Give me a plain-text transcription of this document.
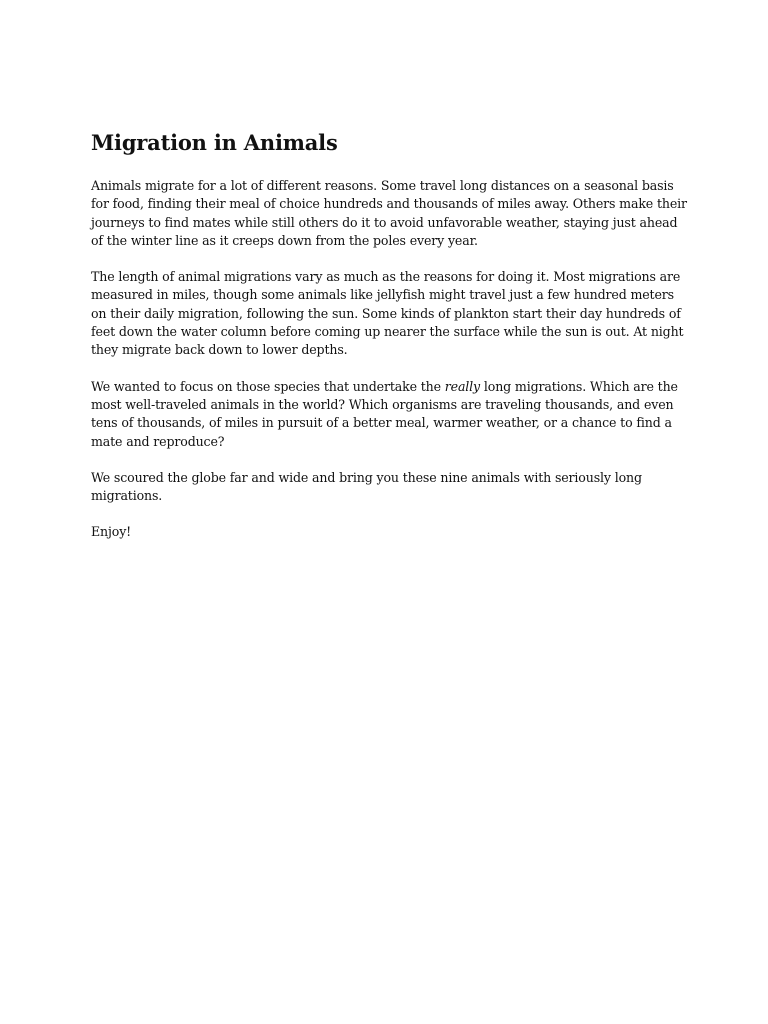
Migration in Animals

Animals migrate for a lot of different reasons. Some travel long distances on a seasonal basis for food, finding their meal of choice hundreds and thousands of miles away. Others make their journeys to find mates while still others do it to avoid unfavorable weather, staying just ahead of the winter line as it creeps down from the poles every year.

The length of animal migrations vary as much as the reasons for doing it. Most migrations are measured in miles, though some animals like jellyfish might travel just a few hundred meters on their daily migration, following the sun. Some kinds of plankton start their day hundreds of feet down the water column before coming up nearer the surface while the sun is out. At night they migrate back down to lower depths.

We wanted to focus on those species that undertake the really long migrations. Which are the most well-traveled animals in the world? Which organisms are traveling thousands, and even tens of thousands, of miles in pursuit of a better meal, warmer weather, or a chance to find a mate and reproduce?

We scoured the globe far and wide and bring you these nine animals with seriously long migrations.

Enjoy!
